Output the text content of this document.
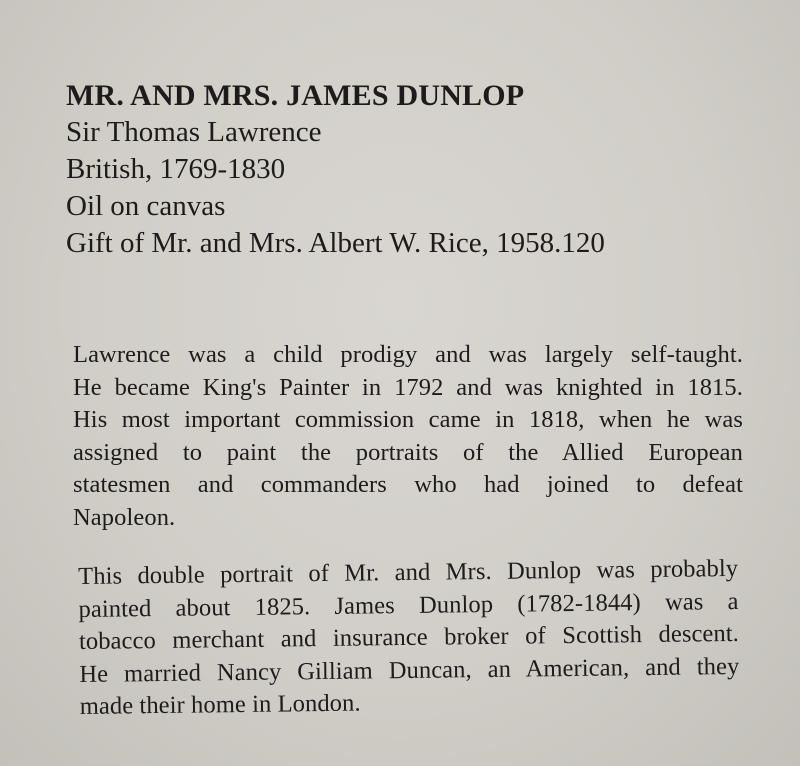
MR. AND MRS. JAMES DUNLOP

Sir Thomas Lawrence

British, 1769-1830

Oil on canvas

Gift of Mr. and Mrs. Albert W. Rice, 1958.120

Lawrence was a child prodigy and was largely self-taught.
He became King's Painter in 1792 and was knighted in 1815.
His most important commission came in 1818, when he was
assigned to paint the portraits of the Allied European
statesmen and commanders who had joined to defeat
Napoleon.

This double portrait of Mr. and Mrs. Dunlop was probably
painted about 1825. James Dunlop (1782-1844) was a
tobacco merchant and insurance broker of Scottish descent.
He married Nancy Gilliam Duncan, an American, and they
made their home in London.
